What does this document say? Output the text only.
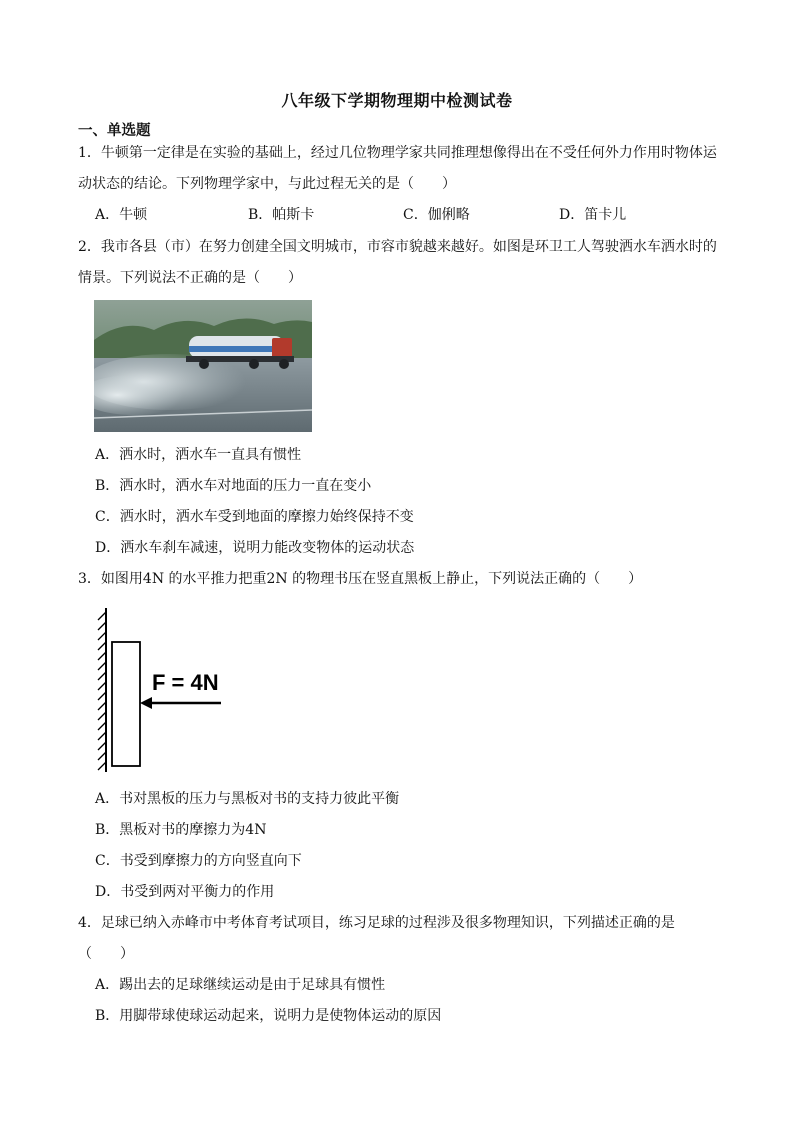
八年级下学期物理期中检测试卷
一、单选题
1．牛顿第一定律是在实验的基础上，经过几位物理学家共同推理想像得出在不受任何外力作用时物体运动状态的结论。下列物理学家中，与此过程无关的是（　　）
A．牛顿	B．帕斯卡	C．伽俐略	D．笛卡儿
2．我市各县（市）在努力创建全国文明城市，市容市貌越来越好。如图是环卫工人驾驶洒水车洒水时的情景。下列说法不正确的是（　　）
A．洒水时，洒水车一直具有惯性
B．洒水时，洒水车对地面的压力一直在变小
C．洒水时，洒水车受到地面的摩擦力始终保持不变
D．洒水车刹车减速，说明力能改变物体的运动状态
3．如图用4N 的水平推力把重2N 的物理书压在竖直黑板上静止，下列说法正确的（　　）
F = 4N
A．书对黑板的压力与黑板对书的支持力彼此平衡
B．黑板对书的摩擦力为4N
C．书受到摩擦力的方向竖直向下
D．书受到两对平衡力的作用
4．足球已纳入赤峰市中考体育考试项目，练习足球的过程涉及很多物理知识，下列描述正确的是（　　）
A．踢出去的足球继续运动是由于足球具有惯性
B．用脚带球使球运动起来，说明力是使物体运动的原因
